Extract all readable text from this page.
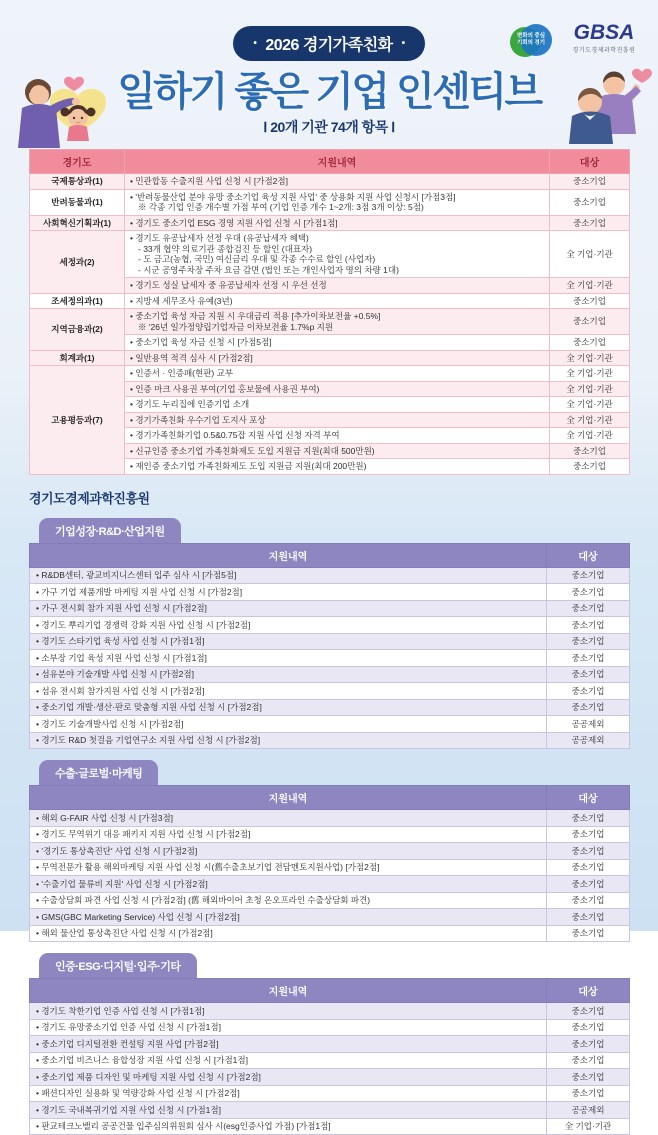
변화의 중심
기회의 경기	GBSA
경기도경제과학진흥원
• 2026 경기가족친화 •
일하기 좋은 기업 인센티브
Ⅰ 20개 기관 74개 항목 Ⅰ
경기도	지원내역	대상
국제통상과(1)	• 민관합동 수출지원 사업 신청 시 [가점2점]	중소기업
반려동물과(1)	• '반려동물산업 분야 유망 중소기업 육성 지원 사업' 중 상용화 지원 사업 신청시 [가점3점]
※ 각종 기업 인증 개수별 가점 부여 (기업 인증 개수 1~2개: 3점 3개 이상: 5점)	중소기업
사회혁신기획과(1)	• 경기도 중소기업 ESG 경영 지원 사업 신청 시 [가점1점]	중소기업
세정과(2)	• 경기도 유공납세자 선정 우대 (유공납세자 혜택)
- 33개 협약 의료기관 종합검진 등 할인 (대표자)
- 도 금고(농협, 국민) 여신금리 우대 및 각종 수수료 할인 (사업자)
- 시군 공영주차장 주차 요금 감면 (법인 또는 개인사업자 명의 차량 1대)	全 기업·기관

	• 경기도 성실 납세자 중 유공납세자 선정 시 우선 선정	全 기업·기관
조세정의과(1)	• 지방세 세무조사 유예(3년)	중소기업
지역금융과(2)	• 중소기업 육성 자금 지원 시 우대금리 적용 [추가이차보전율 +0.5%]
※ '26년 일가정양립기업자금 이차보전율 1.7%p 지원	중소기업

	• 중소기업 육성 자금 신청 시 [가점5점]	중소기업
회계과(1)	• 일반용역 적격 심사 시 [가점2점]	全 기업·기관
고용평등과(7)	• 인증서 · 인증패(현판) 교부	全 기업·기관

	• 인증 마크 사용권 부여(기업 홍보물에 사용권 부여)	全 기업·기관

	• 경기도 누리집에 인증기업 소개	全 기업·기관

	• 경기가족친화 우수기업 도지사 포상	全 기업·기관

	• 경기가족친화기업 0.5&0.75잡 지원 사업 신청 자격 부여	全 기업·기관

	• 신규인증 중소기업 가족친화제도 도입 지원금 지원(최대 500만원)	중소기업

	• 재인증 중소기업 가족친화제도 도입 지원금 지원(최대 200만원)	중소기업
경기도경제과학진흥원
기업성장·R&D·산업지원
지원내역	대상
• R&DB센터, 광교비지니스센터 입주 심사 시 [가점5점]	중소기업
• 가구 기업 제품개발 마케팅 지원 사업 신청 시 [가점2점]	중소기업
• 가구 전시회 참가 지원 사업 신청 시 [가점2점]	중소기업
• 경기도 뿌리기업 경쟁력 강화 지원 사업 신청 시 [가점2점]	중소기업
• 경기도 스타기업 육성 사업 신청 시 [가점1점]	중소기업
• 소부장 기업 육성 지원 사업 신청 시 [가점1점]	중소기업
• 섬유분야 기술개발 사업 신청 시 [가점2점]	중소기업
• 섬유 전시회 참가지원 사업 신청 시 [가점2점]	중소기업
• 중소기업 개발·생산·판로 맞춤형 지원 사업 신청 시 [가점2점]	중소기업
• 경기도 기술개발사업 신청 시 [가점2점]	공공제외
• 경기도 R&D 첫걸음 기업연구소 지원 사업 신청 시 [가점2점]	공공제외
수출·글로벌·마케팅
지원내역	대상
• 해외 G-FAIR 사업 신청 시 [가점3점]	중소기업
• 경기도 무역위기 대응 패키지 지원 사업 신청 시 [가점2점]	중소기업
• '경기도 통상촉진단' 사업 신청 시 [가점2점]	중소기업
• 무역전문가 활용 해외마케팅 지원 사업 신청 시(舊수출초보기업 전담멘토지원사업) [가점2점]	중소기업
• '수출기업 물류비 지원' 사업 신청 시 [가점2점]	중소기업
• 수출상담회 파견 사업 신청 시 [가점2점] (舊 해외바이어 초청 온오프라인 수출상담회 파견)	중소기업
• GMS(GBC Marketing Service) 사업 신청 시 [가점2점]	중소기업
• 해외 물산업 통상촉진단 사업 신청 시 [가점2점]	중소기업
인증·ESG·디지털·입주·기타
지원내역	대상
• 경기도 착한기업 인증 사업 신청 시 [가점1점]	중소기업
• 경기도 유망중소기업 인증 사업 신청 시 [가점1점]	중소기업
• 중소기업 디지털전환 컨설팅 지원 사업 [가점2점]	중소기업
• 중소기업 비즈니스 융합성장 지원 사업 신청 시 [가점1점]	중소기업
• 중소기업 제품 디자인 및 마케팅 지원 사업 신청 시 [가점2점]	중소기업
• 패션디자인 실용화 및 역량강화 사업 신청 시 [가점2점]	중소기업
• 경기도 국내복귀기업 지원 사업 신청 시 [가점1점]	공공제외
• 판교테크노밸리 공공건물 입주심의위원회 심사 시(esg인증사업 가점) [가점1점]	全 기업·기관
